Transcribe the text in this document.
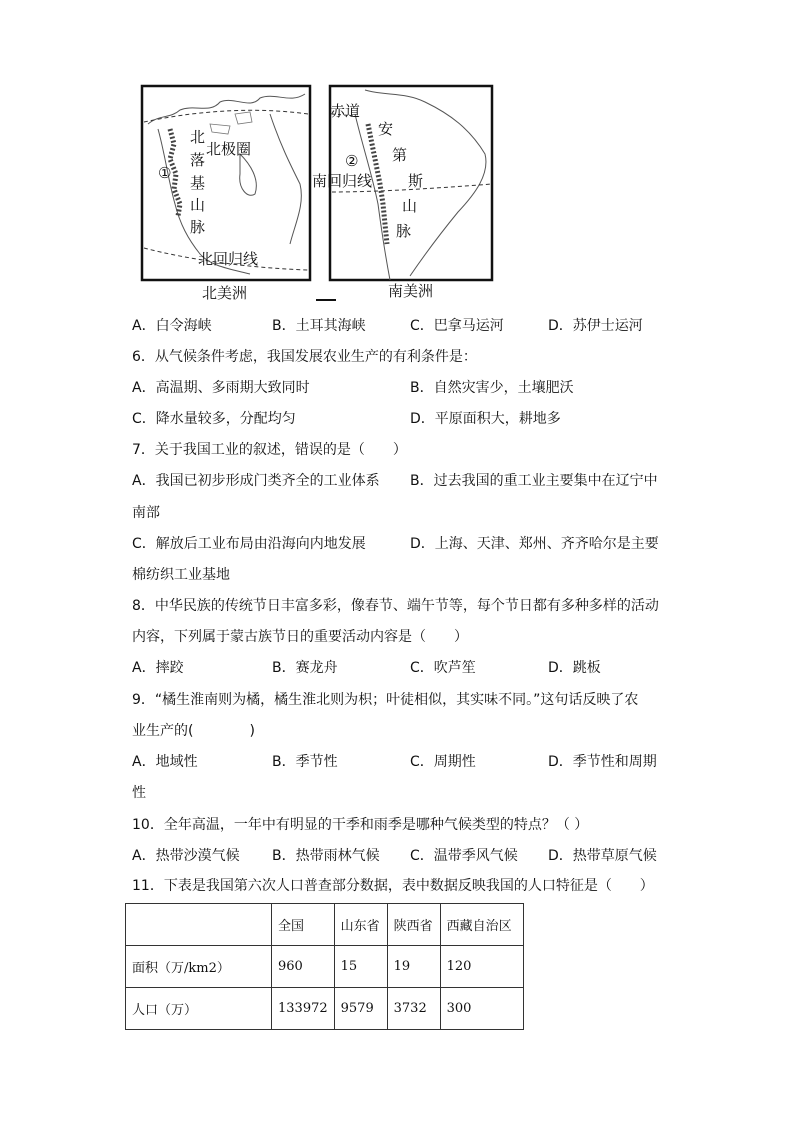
①
北
落
基
山
脉
北极圈
北回归线
赤道
②
南回归线
安
第
斯
山
脉
北美洲	南美洲
A．白令海峡	B．土耳其海峡	C．巴拿马运河	D．苏伊士运河
6．从气候条件考虑，我国发展农业生产的有利条件是：
A．高温期、多雨期大致同时	B．自然灾害少，土壤肥沃
C．降水量较多，分配均匀	D．平原面积大，耕地多
7．关于我国工业的叙述，错误的是（　　）
A．我国已初步形成门类齐全的工业体系 B．过去我国的重工业主要集中在辽宁中
南部
C．解放后工业布局由沿海向内地发展	D．上海、天津、郑州、齐齐哈尔是主要
棉纺织工业基地
8．中华民族的传统节日丰富多彩，像春节、端午节等，每个节日都有多种多样的活动
内容，下列属于蒙古族节日的重要活动内容是（　　）
A．摔跤	B．赛龙舟	C．吹芦笙	D．跳板
9．“橘生淮南则为橘，橘生淮北则为枳；叶徒相似，其实味不同。”这句话反映了农
业生产的(　　　　)
A．地域性	B．季节性	C．周期性	D．季节性和周期
性
10．全年高温，一年中有明显的干季和雨季是哪种气候类型的特点？（ ）
A．热带沙漠气候 B．热带雨林气候 C．温带季风气候 D．热带草原气候
11．下表是我国第六次人口普查部分数据，表中数据反映我国的人口特征是（　　）
	全国	山东省	陕西省	西藏自治区
面积（万/km2）	960	15	19	120
人口（万）	133972	9579	3732	300
